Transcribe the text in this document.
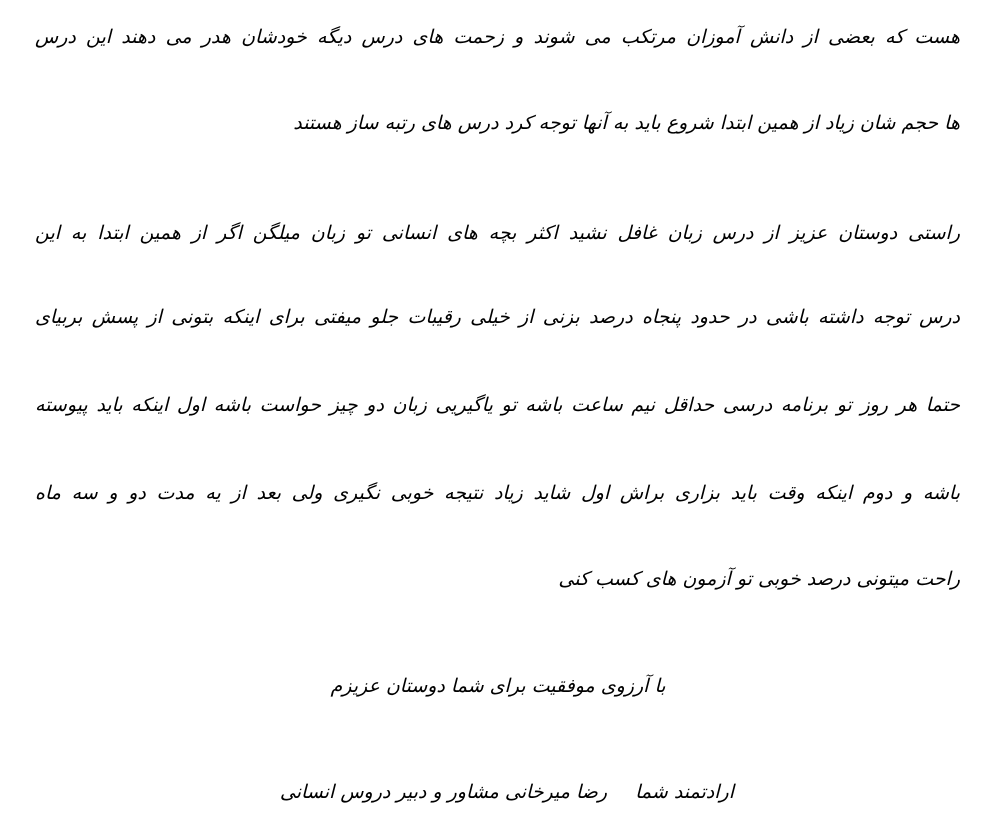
هست که بعضی از دانش آموزان مرتکب می شوند و زحمت های درس دیگه خودشان هدر می دهند این درس
ها حجم شان زیاد از همین ابتدا شروع باید به آنها توجه کرد درس های رتبه ساز هستند
راستی دوستان عزیز از درس زبان غافل نشید اکثر بچه های انسانی تو زبان میلگن اگر از همین ابتدا به این
درس توجه داشته باشی در حدود پنجاه درصد بزنی از خیلی رقیبات جلو میفتی برای اینکه بتونی از پسش بربیای
حتما هر روز تو برنامه درسی حداقل نیم ساعت باشه تو یاگیریی زبان دو چیز حواست باشه اول اینکه باید پیوسته
باشه و دوم اینکه وقت باید بزاری براش اول شاید زیاد نتیجه خوبی نگیری ولی بعد از یه مدت دو و سه ماه
راحت میتونی درصد خوبی تو آزمون های کسب کنی
با آرزوی موفقیت برای شما دوستان عزیزم
ارادتمند شمارضا میرخانی مشاور و دبیر دروس انسانی
